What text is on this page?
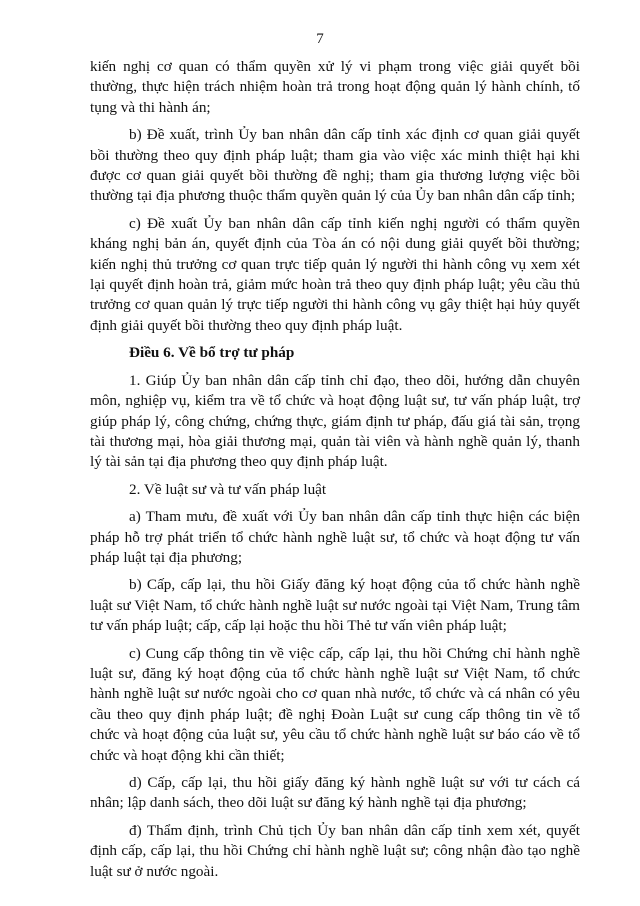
7

kiến nghị cơ quan có thẩm quyền xử lý vi phạm trong việc giải quyết bồi thường, thực hiện trách nhiệm hoàn trả trong hoạt động quản lý hành chính, tố tụng và thi hành án;

b) Đề xuất, trình Ủy ban nhân dân cấp tỉnh xác định cơ quan giải quyết bồi thường theo quy định pháp luật; tham gia vào việc xác minh thiệt hại khi được cơ quan giải quyết bồi thường đề nghị; tham gia thương lượng việc bồi thường tại địa phương thuộc thẩm quyền quản lý của Ủy ban nhân dân cấp tỉnh;

c) Đề xuất Ủy ban nhân dân cấp tỉnh kiến nghị người có thẩm quyền kháng nghị bản án, quyết định của Tòa án có nội dung giải quyết bồi thường; kiến nghị thủ trưởng cơ quan trực tiếp quản lý người thi hành công vụ xem xét lại quyết định hoàn trả, giảm mức hoàn trả theo quy định pháp luật; yêu cầu thủ trưởng cơ quan quản lý trực tiếp người thi hành công vụ gây thiệt hại hủy quyết định giải quyết bồi thường theo quy định pháp luật.

Điều 6. Về bổ trợ tư pháp

1. Giúp Ủy ban nhân dân cấp tỉnh chỉ đạo, theo dõi, hướng dẫn chuyên môn, nghiệp vụ, kiểm tra về tổ chức và hoạt động luật sư, tư vấn pháp luật, trợ giúp pháp lý, công chứng, chứng thực, giám định tư pháp, đấu giá tài sản, trọng tài thương mại, hòa giải thương mại, quản tài viên và hành nghề quản lý, thanh lý tài sản tại địa phương theo quy định pháp luật.

2. Về luật sư và tư vấn pháp luật

a) Tham mưu, đề xuất với Ủy ban nhân dân cấp tỉnh thực hiện các biện pháp hỗ trợ phát triển tổ chức hành nghề luật sư, tổ chức và hoạt động tư vấn pháp luật tại địa phương;

b) Cấp, cấp lại, thu hồi Giấy đăng ký hoạt động của tổ chức hành nghề luật sư Việt Nam, tổ chức hành nghề luật sư nước ngoài tại Việt Nam, Trung tâm tư vấn pháp luật; cấp, cấp lại hoặc thu hồi Thẻ tư vấn viên pháp luật;

c) Cung cấp thông tin về việc cấp, cấp lại, thu hồi Chứng chỉ hành nghề luật sư, đăng ký hoạt động của tổ chức hành nghề luật sư Việt Nam, tổ chức hành nghề luật sư nước ngoài cho cơ quan nhà nước, tổ chức và cá nhân có yêu cầu theo quy định pháp luật; đề nghị Đoàn Luật sư cung cấp thông tin về tổ chức và hoạt động của luật sư, yêu cầu tổ chức hành nghề luật sư báo cáo về tổ chức và hoạt động khi cần thiết;

d) Cấp, cấp lại, thu hồi giấy đăng ký hành nghề luật sư với tư cách cá nhân; lập danh sách, theo dõi luật sư đăng ký hành nghề tại địa phương;

đ) Thẩm định, trình Chủ tịch Ủy ban nhân dân cấp tỉnh xem xét, quyết định cấp, cấp lại, thu hồi Chứng chỉ hành nghề luật sư; công nhận đào tạo nghề luật sư ở nước ngoài.
